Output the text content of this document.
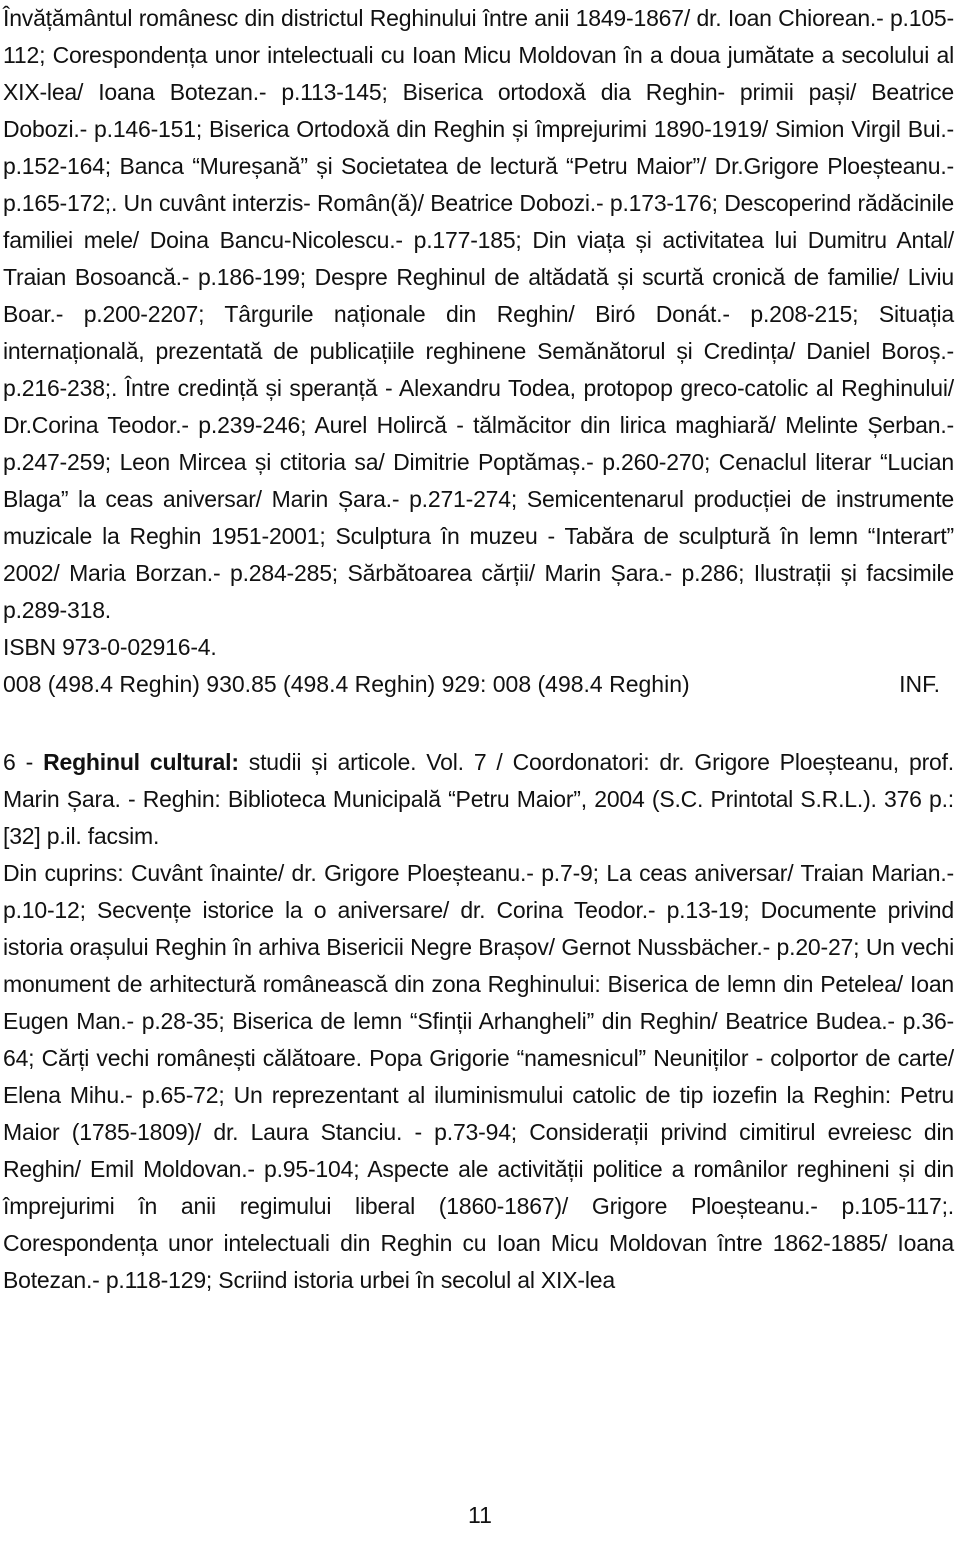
Învățământul românesc din districtul Reghinului între anii 1849-1867/ dr. Ioan Chiorean.- p.105-112; Corespondența unor intelectuali cu Ioan Micu Moldovan în a doua jumătate a secolului al XIX-lea/ Ioana Botezan.- p.113-145; Biserica ortodoxă dia Reghin- primii pași/ Beatrice Dobozi.- p.146-151; Biserica Ortodoxă din Reghin și împrejurimi 1890-1919/ Simion Virgil Bui.- p.152-164; Banca “Mureșană” și Societatea de lectură “Petru Maior”/ Dr.Grigore Ploeșteanu.- p.165-172;. Un cuvânt interzis- Român(ă)/ Beatrice Dobozi.- p.173-176; Descoperind rădăcinile familiei mele/ Doina Bancu-Nicolescu.- p.177-185; Din viața și activitatea lui Dumitru Antal/ Traian Bosoancă.- p.186-199; Despre Reghinul de altădată și scurtă cronică de familie/ Liviu Boar.- p.200-2207; Târgurile naționale din Reghin/ Biró Donát.- p.208-215; Situația internațională, prezentată de publicațiile reghinene Semănătorul și Credința/ Daniel Boroș.- p.216-238;. Între credință și speranță - Alexandru Todea, protopop greco-catolic al Reghinului/ Dr.Corina Teodor.- p.239-246; Aurel Holircă - tălmăcitor din lirica maghiară/ Melinte Șerban.- p.247-259; Leon Mircea și ctitoria sa/ Dimitrie Poptămaș.- p.260-270; Cenaclul literar “Lucian Blaga” la ceas aniversar/ Marin Șara.- p.271-274; Semicentenarul producției de instrumente muzicale la Reghin 1951-2001; Sculptura în muzeu - Tabăra de sculptură în lemn “Interart” 2002/ Maria Borzan.- p.284-285; Sărbătoarea cărții/ Marin Șara.- p.286; Ilustrații și facsimile p.289-318.

ISBN 973-0-02916-4.

008 (498.4 Reghin) 930.85 (498.4 Reghin) 929: 008 (498.4 Reghin)	INF.

6 - Reghinul cultural: studii și articole. Vol. 7 / Coordonatori: dr. Grigore Ploeșteanu, prof. Marin Șara. - Reghin: Biblioteca Municipală “Petru Maior”, 2004 (S.C. Printotal S.R.L.). 376 p.: [32] p.il. facsim.

Din cuprins: Cuvânt înainte/ dr. Grigore Ploeșteanu.- p.7-9; La ceas aniversar/ Traian Marian.- p.10-12; Secvențe istorice la o aniversare/ dr. Corina Teodor.- p.13-19; Documente privind istoria orașului Reghin în arhiva Bisericii Negre Brașov/ Gernot Nussbächer.- p.20-27; Un vechi monument de arhitectură românească din zona Reghinului: Biserica de lemn din Petelea/ Ioan Eugen Man.- p.28-35; Biserica de lemn “Sfinții Arhangheli” din Reghin/ Beatrice Budea.- p.36-64; Cărți vechi românești călătoare. Popa Grigorie “namesnicul” Neuniților - colportor de carte/ Elena Mihu.- p.65-72; Un reprezentant al iluminismului catolic de tip iozefin la Reghin: Petru Maior (1785-1809)/ dr. Laura Stanciu. - p.73-94; Considerații privind cimitirul evreiesc din Reghin/ Emil Moldovan.- p.95-104; Aspecte ale activității politice a românilor reghineni și din împrejurimi în anii regimului liberal (1860-1867)/ Grigore Ploeșteanu.- p.105-117;. Corespondența unor intelectuali din Reghin cu Ioan Micu Moldovan între 1862-1885/ Ioana Botezan.- p.118-129; Scriind istoria urbei în secolul al XIX-lea

11
